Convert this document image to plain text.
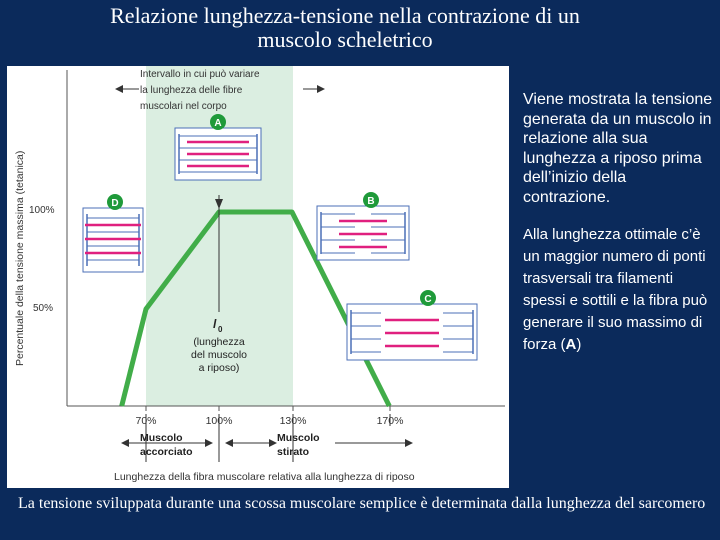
Relazione lunghezza-tensione nella contrazione di un
muscolo scheletrico
Intervallo in cui può variare
la lunghezza delle fibre
muscolari nel corpo
Percentuale della tensione massima (tetanica) 100%
50%
70%	100%	130%	170%
l 0
(lunghezza
del muscolo
a riposo)
A
D	B
C
Muscolo
accorciato
Muscolo
stirato
Lunghezza della fibra muscolare relativa alla lunghezza di riposo

Viene mostrata la tensione generata da un muscolo in relazione alla sua lunghezza a riposo prima dell’inizio della contrazione.

Alla lunghezza ottimale c’è un maggior numero di ponti trasversali tra filamenti spessi e sottili e la fibra può generare il suo massimo di forza (A)

La tensione sviluppata durante una scossa muscolare semplice è determinata dalla lunghezza del sarcomero
